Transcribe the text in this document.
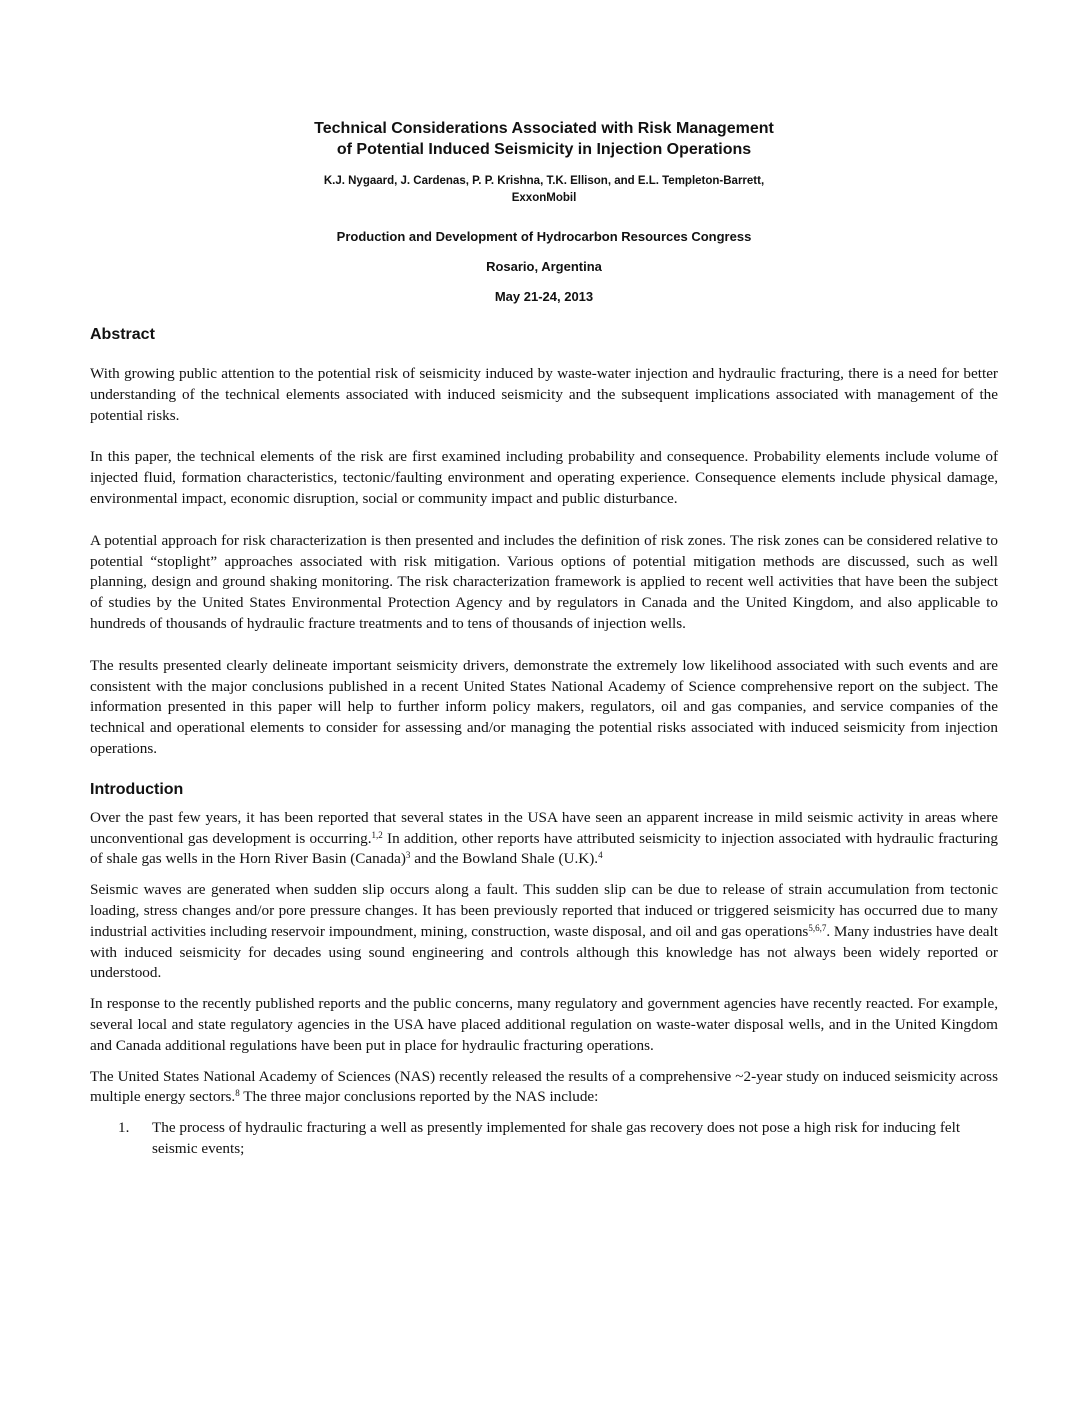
Technical Considerations Associated with Risk Management
of Potential Induced Seismicity in Injection Operations
K.J. Nygaard, J. Cardenas, P. P. Krishna, T.K. Ellison, and E.L. Templeton-Barrett,
ExxonMobil
Production and Development of Hydrocarbon Resources Congress
Rosario, Argentina
May 21-24, 2013
Abstract

With growing public attention to the potential risk of seismicity induced by waste-water injection and hydraulic fracturing, there is a need for better understanding of the technical elements associated with induced seismicity and the subsequent implications associated with management of the potential risks.

In this paper, the technical elements of the risk are first examined including probability and consequence. Probability elements include volume of injected fluid, formation characteristics, tectonic/faulting environment and operating experience. Consequence elements include physical damage, environmental impact, economic disruption, social or community impact and public disturbance.

A potential approach for risk characterization is then presented and includes the definition of risk zones. The risk zones can be considered relative to potential “stoplight” approaches associated with risk mitigation. Various options of potential mitigation methods are discussed, such as well planning, design and ground shaking monitoring. The risk characterization framework is applied to recent well activities that have been the subject of studies by the United States Environmental Protection Agency and by regulators in Canada and the United Kingdom, and also applicable to hundreds of thousands of hydraulic fracture treatments and to tens of thousands of injection wells.

The results presented clearly delineate important seismicity drivers, demonstrate the extremely low likelihood associated with such events and are consistent with the major conclusions published in a recent United States National Academy of Science comprehensive report on the subject. The information presented in this paper will help to further inform policy makers, regulators, oil and gas companies, and service companies of the technical and operational elements to consider for assessing and/or managing the potential risks associated with induced seismicity from injection operations.

Introduction

Over the past few years, it has been reported that several states in the USA have seen an apparent increase in mild seismic activity in areas where unconventional gas development is occurring.$^{1,2}$ In addition, other reports have attributed seismicity to injection associated with hydraulic fracturing of shale gas wells in the Horn River Basin (Canada)$^3$ and the Bowland Shale (U.K).$^4$

Seismic waves are generated when sudden slip occurs along a fault. This sudden slip can be due to release of strain accumulation from tectonic loading, stress changes and/or pore pressure changes. It has been previously reported that induced or triggered seismicity has occurred due to many industrial activities including reservoir impoundment, mining, construction, waste disposal, and oil and gas operations$^{5,6,7}$. Many industries have dealt with induced seismicity for decades using sound engineering and controls although this knowledge has not always been widely reported or understood.

In response to the recently published reports and the public concerns, many regulatory and government agencies have recently reacted. For example, several local and state regulatory agencies in the USA have placed additional regulation on waste-water disposal wells, and in the United Kingdom and Canada additional regulations have been put in place for hydraulic fracturing operations.

The United States National Academy of Sciences (NAS) recently released the results of a comprehensive ~2-year study on induced seismicity across multiple energy sectors.$^8$ The three major conclusions reported by the NAS include:

1. The process of hydraulic fracturing a well as presently implemented for shale gas recovery does not pose a high risk for inducing felt seismic events;
